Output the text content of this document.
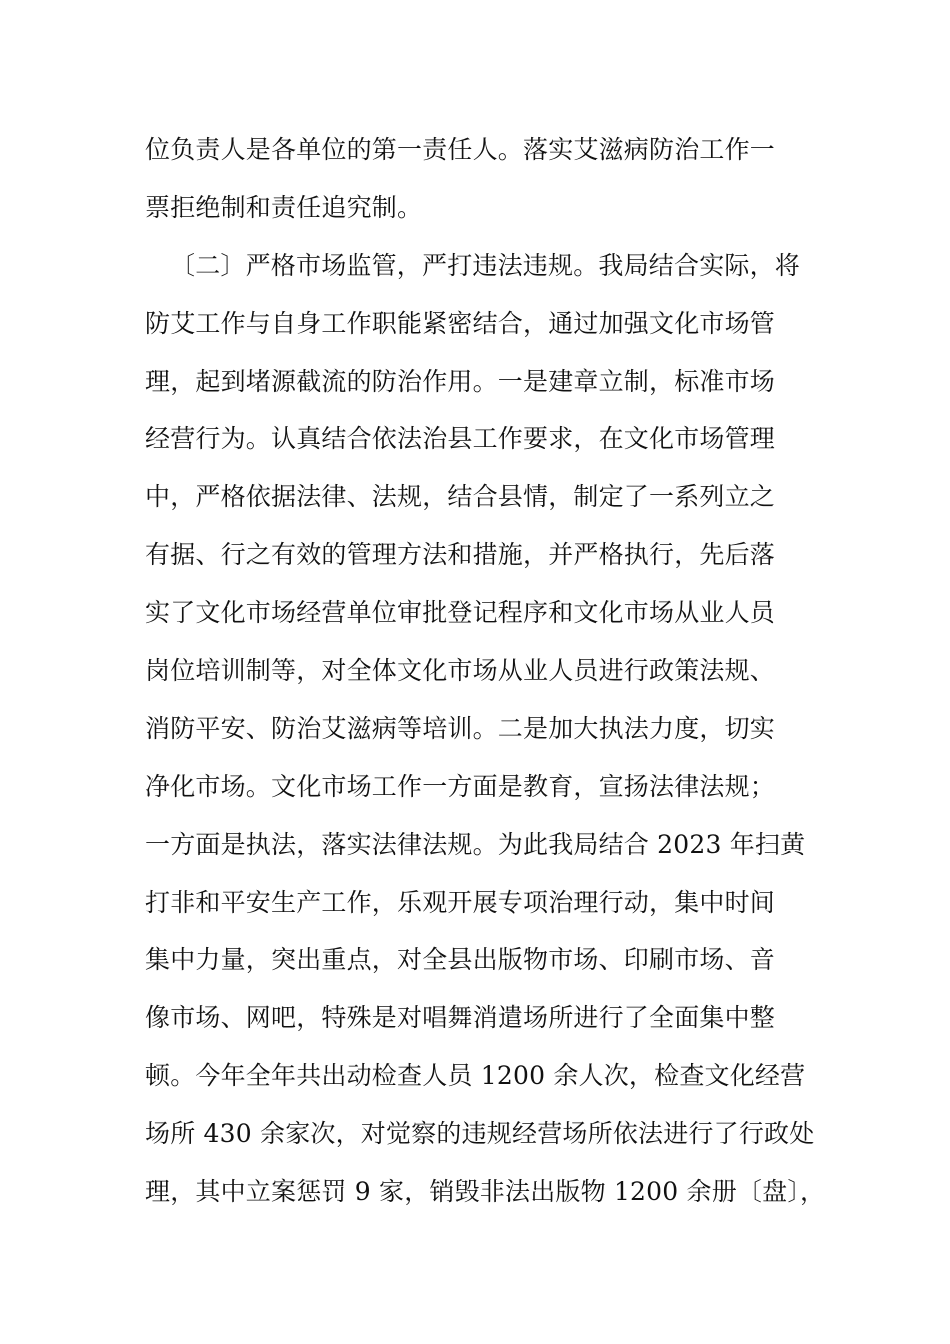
位负责人是各单位的第一责任人。落实艾滋病防治工作一
票拒绝制和责任追究制。
〔二〕严格市场监管，严打违法违规。我局结合实际，将
防艾工作与自身工作职能紧密结合，通过加强文化市场管
理，起到堵源截流的防治作用。一是建章立制，标准市场
经营行为。认真结合依法治县工作要求，在文化市场管理
中，严格依据法律、法规，结合县情，制定了一系列立之
有据、行之有效的管理方法和措施，并严格执行，先后落
实了文化市场经营单位审批登记程序和文化市场从业人员
岗位培训制等，对全体文化市场从业人员进行政策法规、
消防平安、防治艾滋病等培训。二是加大执法力度，切实
净化市场。文化市场工作一方面是教育，宣扬法律法规；
一方面是执法，落实法律法规。为此我局结合 2023 年扫黄
打非和平安生产工作，乐观开展专项治理行动，集中时间
集中力量，突出重点，对全县出版物市场、印刷市场、音
像市场、网吧，特殊是对唱舞消遣场所进行了全面集中整
顿。今年全年共出动检查人员 1200 余人次，检查文化经营
场所 430 余家次，对觉察的违规经营场所依法进行了行政处
理，其中立案惩罚 9 家，销毁非法出版物 1200 余册〔盘〕，
